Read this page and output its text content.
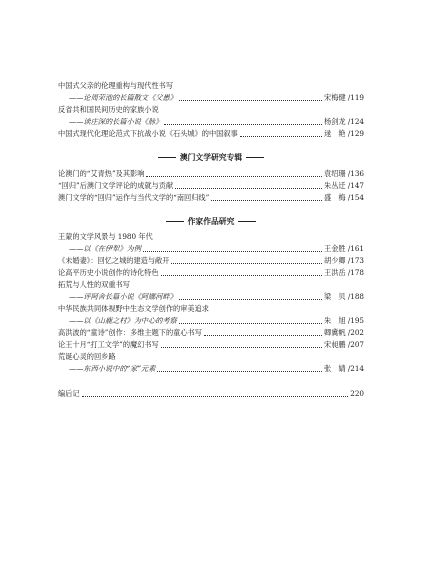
中国式父亲的伦理重构与现代性书写
——论周荣池的长篇散文《父愚》	宋梅健 /119
反省共和国民间历史的家族小说
——读庄深的长篇小说《脉》	杨剑龙 /124
中国式现代化理论范式下抗战小说《石头城》的中国叙事	逯　艳 /129
澳门文学研究专辑
论澳门的“艾青热”及其影响	袁绍珊 /136
“回归”后澳门文学评论的成就与贡献	朱丛迁 /147
澳门文学的“回归”运作与当代文学的“南回归线”	盛　梅 /154
作家作品研究
王蒙的文学风景与 1980 年代
——以《在伊犁》为例	王金胜 /161
《未婚妻》：回忆之城的建造与敞开	胡少卿 /173
论高平历史小说创作的诗化特色	王洪岳 /178
拓荒与人性的双重书写
——评阿舍长篇小说《阿娜河畔》	梁　贝 /188
中华民族共同体视野中生态文学创作的审美追求
——以《山鹿之村》为中心的考察	朱　旭 /195
高洪波的“童诗”创作：多维主题下的童心书写	卿冀帆 /202
论王十月“打工文学”的魔幻书写	宋昶鹏 /207
荒诞心灵的回乡路
——东西小说中的“家”元素	张　婧 /214
编后记	220
